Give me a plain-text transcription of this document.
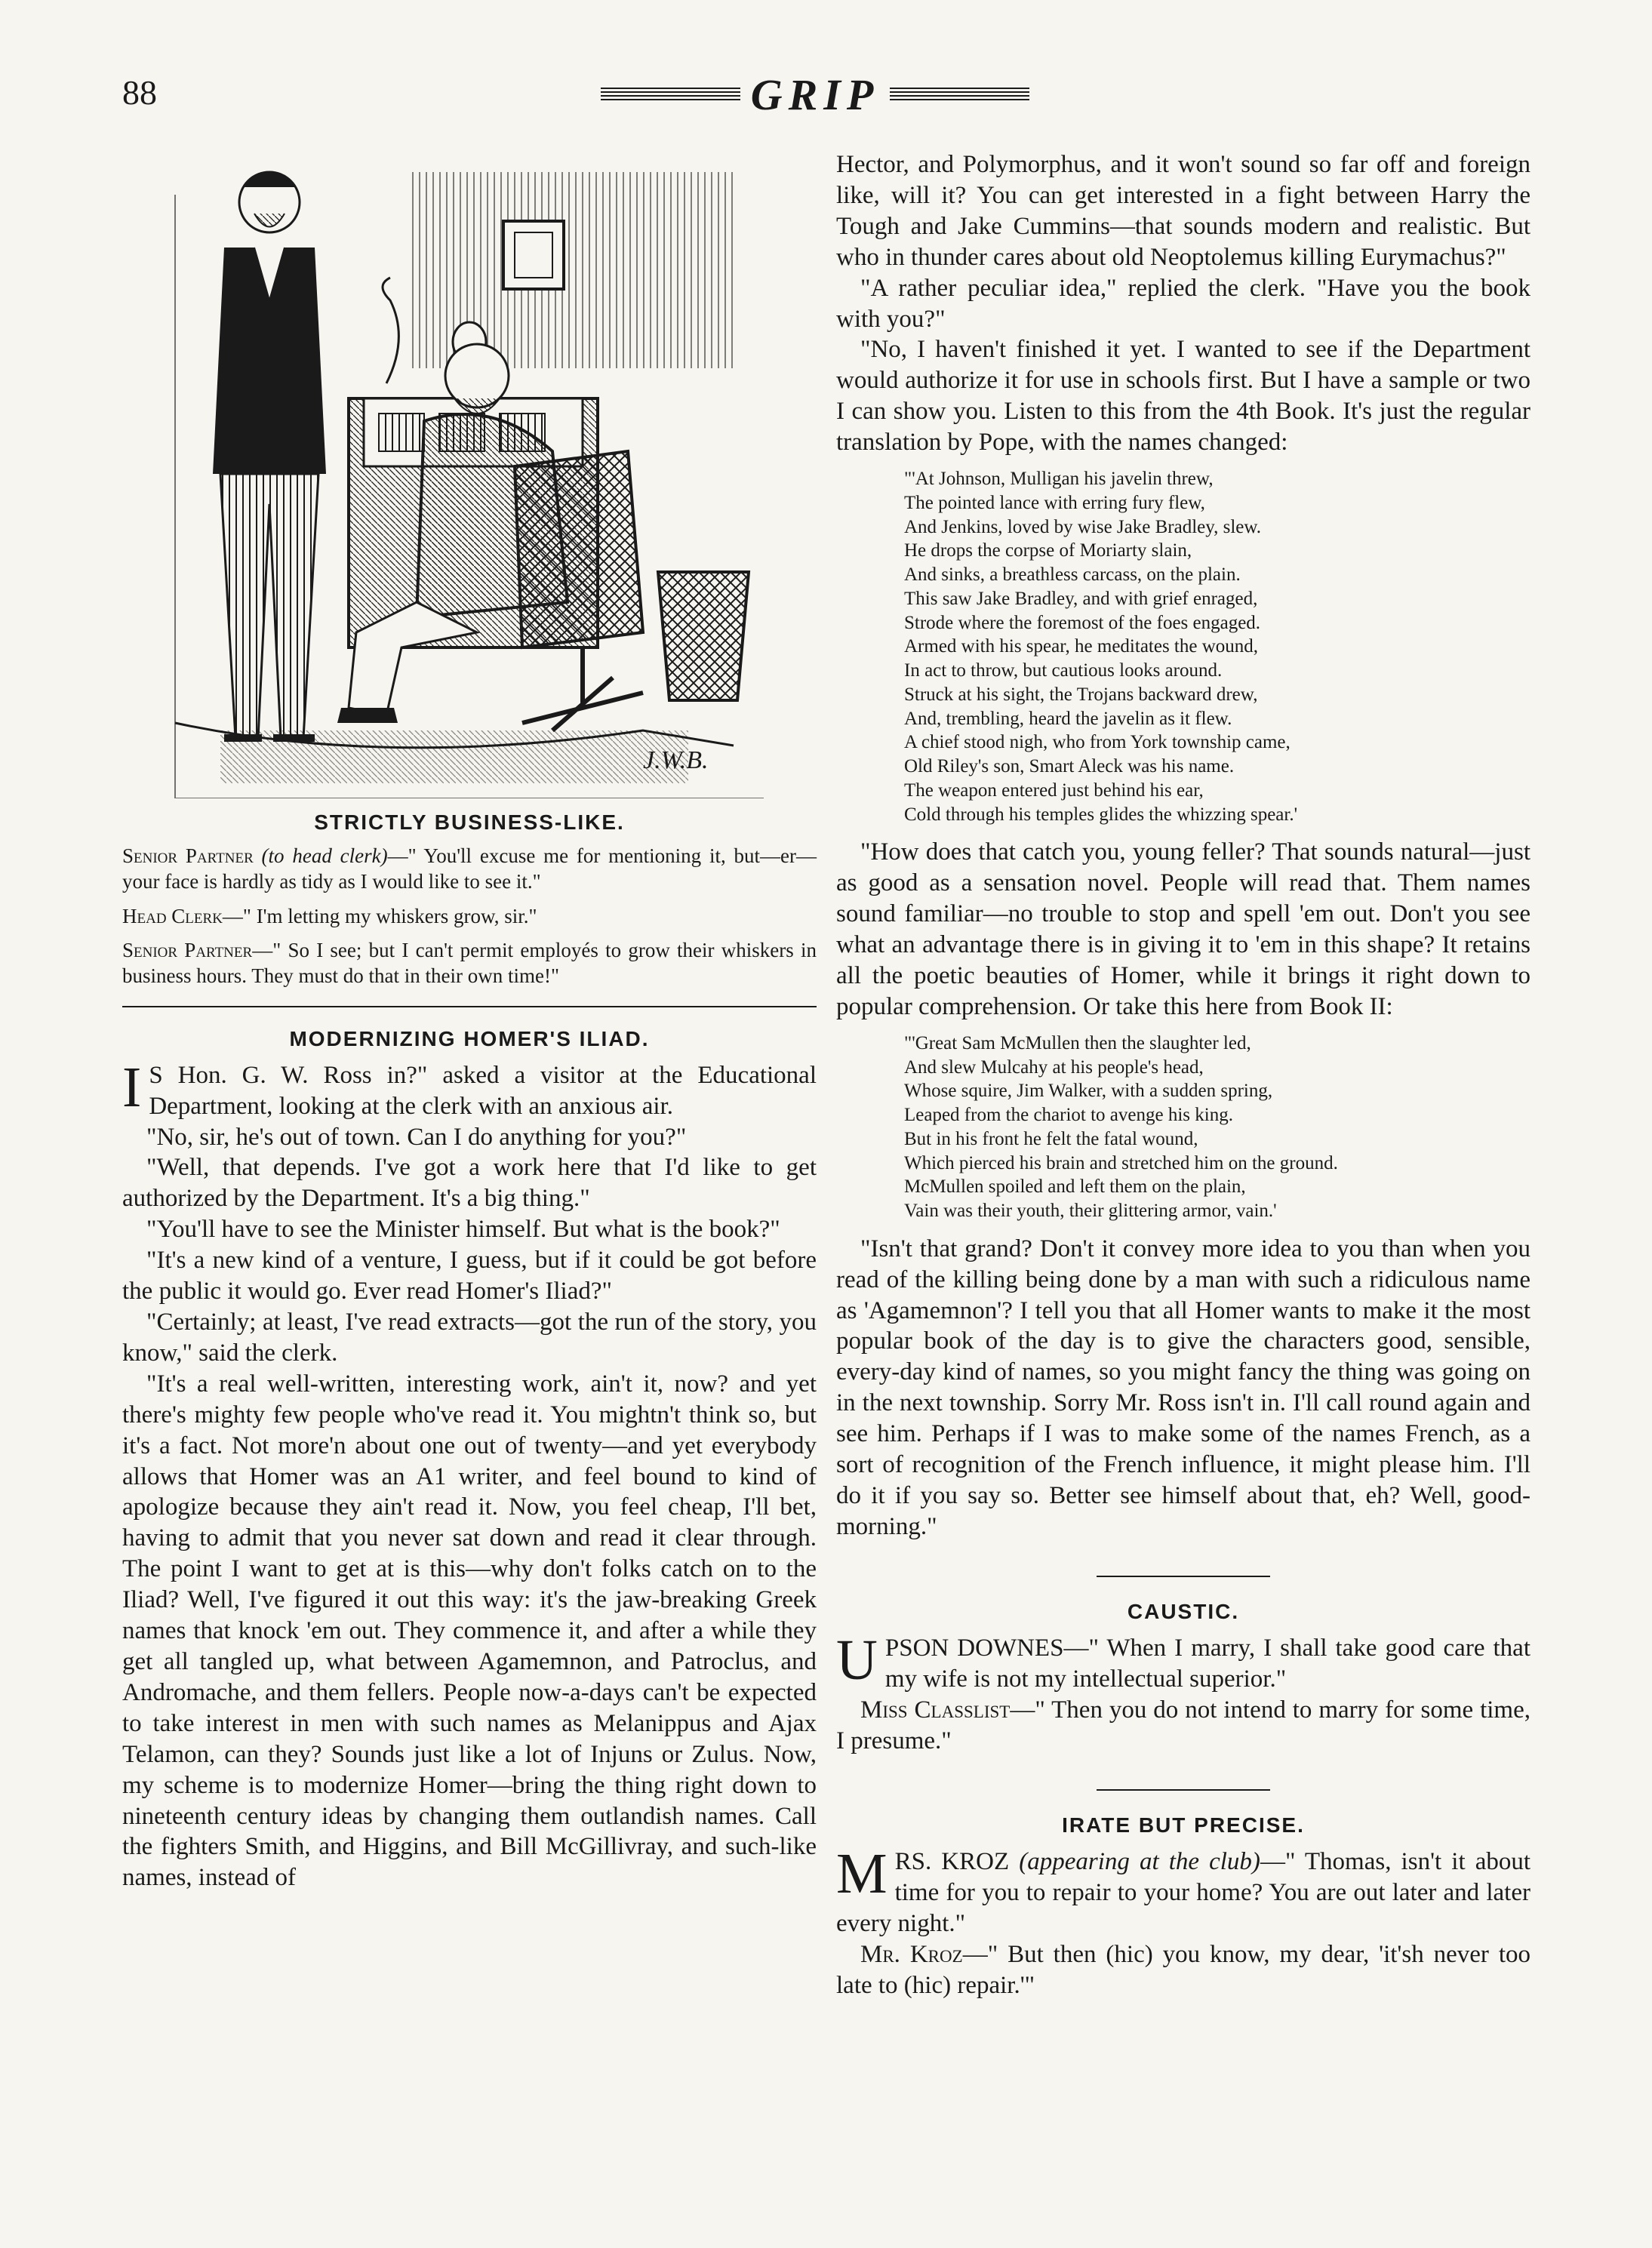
88	GRIP
J.W.B.
STRICTLY BUSINESS-LIKE.

Senior Partner (to head clerk)—" You'll excuse me for mentioning it, but—er—your face is hardly as tidy as I would like to see it."

Head Clerk—" I'm letting my whiskers grow, sir."

Senior Partner—" So I see; but I can't permit employés to grow their whiskers in business hours. They must do that in their own time!"

MODERNIZING HOMER'S ILIAD.

I S Hon. G. W. Ross in?" asked a visitor at the Educational Department, looking at the clerk with an anxious air.

"No, sir, he's out of town. Can I do anything for you?"

"Well, that depends. I've got a work here that I'd like to get authorized by the Department. It's a big thing."

"You'll have to see the Minister himself. But what is the book?"

"It's a new kind of a venture, I guess, but if it could be got before the public it would go. Ever read Homer's Iliad?"

"Certainly; at least, I've read extracts—got the run of the story, you know," said the clerk.

"It's a real well-written, interesting work, ain't it, now? and yet there's mighty few people who've read it. You mightn't think so, but it's a fact. Not more'n about one out of twenty—and yet everybody allows that Homer was an A1 writer, and feel bound to kind of apologize because they ain't read it. Now, you feel cheap, I'll bet, having to admit that you never sat down and read it clear through. The point I want to get at is this—why don't folks catch on to the Iliad? Well, I've figured it out this way: it's the jaw-breaking Greek names that knock 'em out. They commence it, and after a while they get all tangled up, what between Agamemnon, and Patroclus, and Andromache, and them fellers. People now-a-days can't be expected to take interest in men with such names as Melanippus and Ajax Telamon, can they? Sounds just like a lot of Injuns or Zulus. Now, my scheme is to modernize Homer—bring the thing right down to nineteenth century ideas by changing them outlandish names. Call the fighters Smith, and Higgins, and Bill McGillivray, and such-like names, instead of

Hector, and Polymorphus, and it won't sound so far off and foreign like, will it? You can get interested in a fight between Harry the Tough and Jake Cummins—that sounds modern and realistic. But who in thunder cares about old Neoptolemus killing Eurymachus?"

"A rather peculiar idea," replied the clerk. "Have you the book with you?"

"No, I haven't finished it yet. I wanted to see if the Department would authorize it for use in schools first. But I have a sample or two I can show you. Listen to this from the 4th Book. It's just the regular translation by Pope, with the names changed:

"'At Johnson, Mulligan his javelin threw,
The pointed lance with erring fury flew,
And Jenkins, loved by wise Jake Bradley, slew.
He drops the corpse of Moriarty slain,
And sinks, a breathless carcass, on the plain.
This saw Jake Bradley, and with grief enraged,
Strode where the foremost of the foes engaged.
Armed with his spear, he meditates the wound,
In act to throw, but cautious looks around.
Struck at his sight, the Trojans backward drew,
And, trembling, heard the javelin as it flew.
A chief stood nigh, who from York township came,
Old Riley's son, Smart Aleck was his name.
The weapon entered just behind his ear,
Cold through his temples glides the whizzing spear.'

"How does that catch you, young feller? That sounds natural—just as good as a sensation novel. People will read that. Them names sound familiar—no trouble to stop and spell 'em out. Don't you see what an advantage there is in giving it to 'em in this shape? It retains all the poetic beauties of Homer, while it brings it right down to popular comprehension. Or take this here from Book II:

"'Great Sam McMullen then the slaughter led,
And slew Mulcahy at his people's head,
Whose squire, Jim Walker, with a sudden spring,
Leaped from the chariot to avenge his king.
But in his front he felt the fatal wound,
Which pierced his brain and stretched him on the ground.
McMullen spoiled and left them on the plain,
Vain was their youth, their glittering armor, vain.'

"Isn't that grand? Don't it convey more idea to you than when you read of the killing being done by a man with such a ridiculous name as 'Agamemnon'? I tell you that all Homer wants to make it the most popular book of the day is to give the characters good, sensible, every-day kind of names, so you might fancy the thing was going on in the next township. Sorry Mr. Ross isn't in. I'll call round again and see him. Perhaps if I was to make some of the names French, as a sort of recognition of the French influence, it might please him. I'll do it if you say so. Better see himself about that, eh? Well, good-morning."

CAUSTIC.

UPSON DOWNES—" When I marry, I shall take good care that my wife is not my intellectual superior."

Miss Classlist—" Then you do not intend to marry for some time, I presume."

IRATE BUT PRECISE.

MRS. KROZ (appearing at the club)—" Thomas, isn't it about time for you to repair to your home? You are out later and later every night."

Mr. Kroz—" But then (hic) you know, my dear, 'it'sh never too late to (hic) repair.'"
